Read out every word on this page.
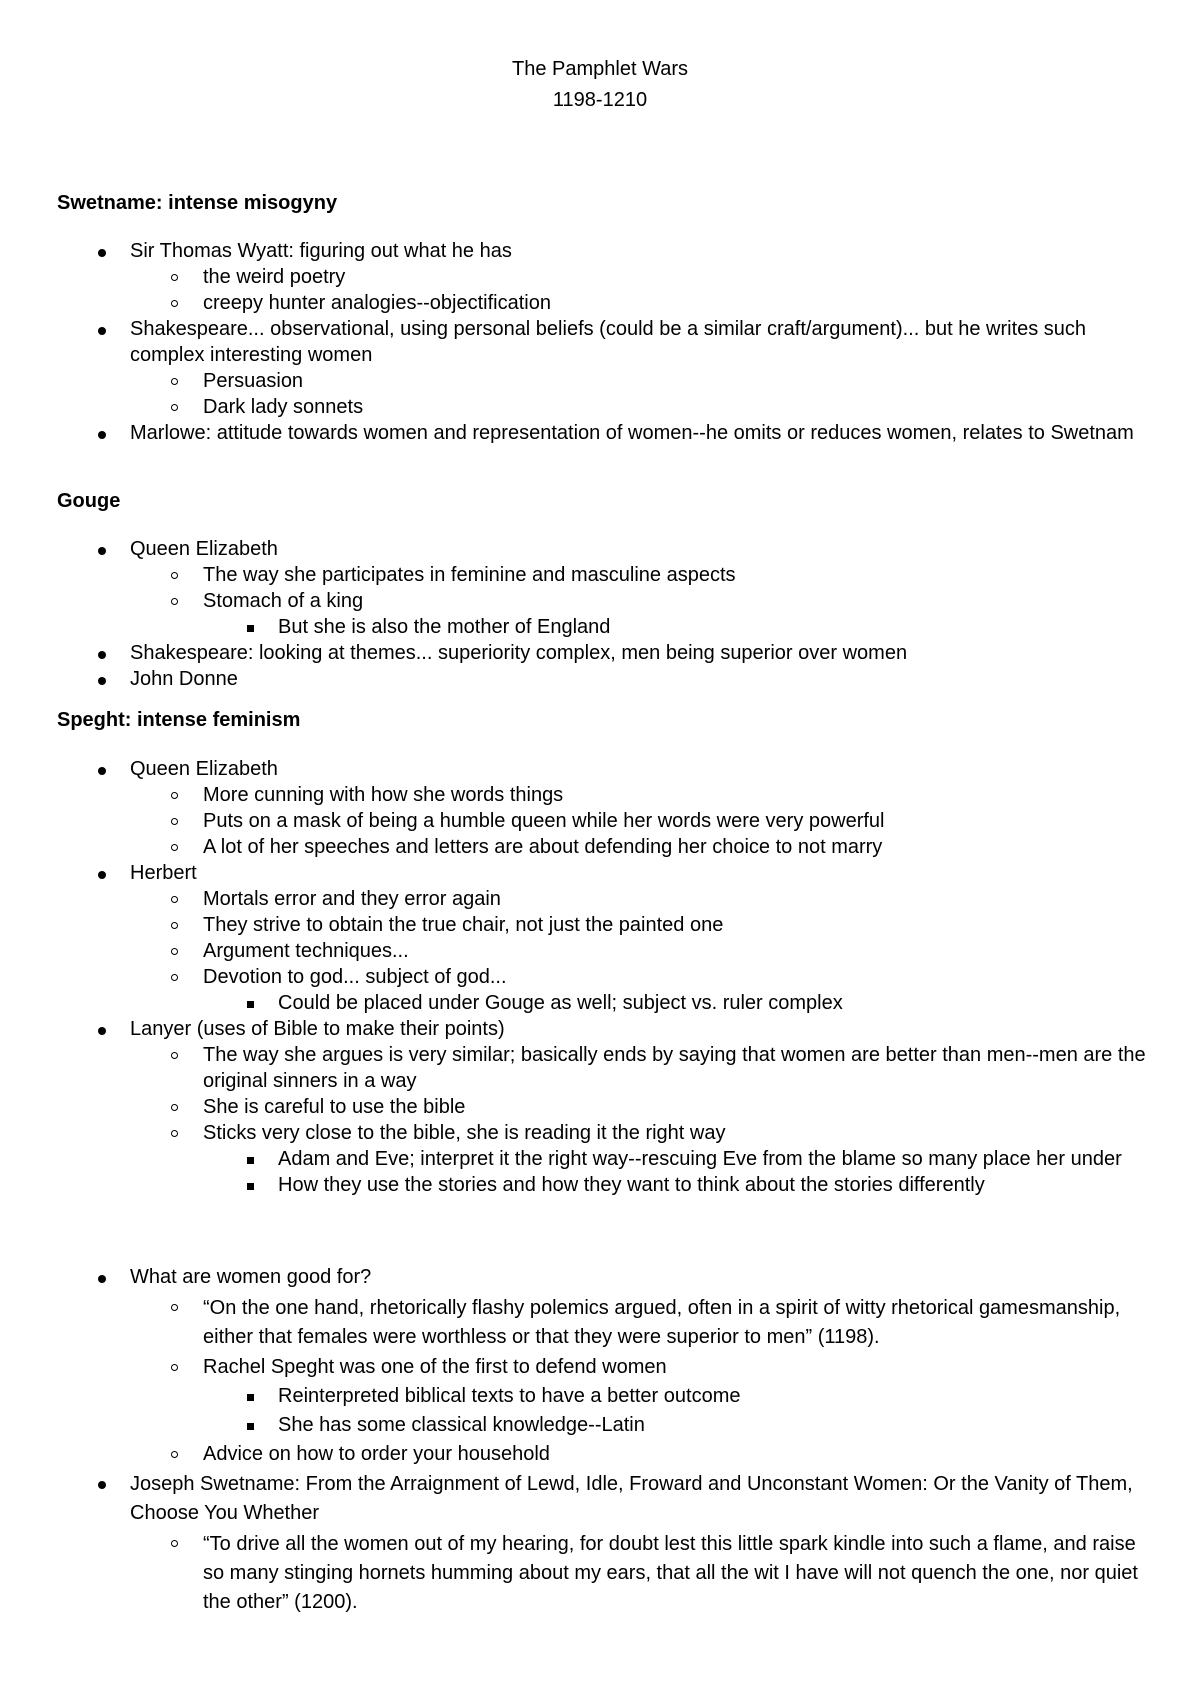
The Pamphlet Wars
1198-1210
Swetname: intense misogyny
Sir Thomas Wyatt: figuring out what he has
the weird poetry
creepy hunter analogies--objectification
Shakespeare... observational, using personal beliefs (could be a similar craft/argument)... but he writes such complex interesting women
Persuasion
Dark lady sonnets
Marlowe: attitude towards women and representation of women--he omits or reduces women, relates to Swetnam
Gouge
Queen Elizabeth
The way she participates in feminine and masculine aspects
Stomach of a king
But she is also the mother of England
Shakespeare: looking at themes... superiority complex, men being superior over women
John Donne
Speght: intense feminism
Queen Elizabeth
More cunning with how she words things
Puts on a mask of being a humble queen while her words were very powerful
A lot of her speeches and letters are about defending her choice to not marry
Herbert
Mortals error and they error again
They strive to obtain the true chair, not just the painted one
Argument techniques...
Devotion to god... subject of god...
Could be placed under Gouge as well; subject vs. ruler complex
Lanyer (uses of Bible to make their points)
The way she argues is very similar; basically ends by saying that women are better than men--men are the original sinners in a way
She is careful to use the bible
Sticks very close to the bible, she is reading it the right way
Adam and Eve; interpret it the right way--rescuing Eve from the blame so many place her under
How they use the stories and how they want to think about the stories differently
What are women good for?
“On the one hand, rhetorically flashy polemics argued, often in a spirit of witty rhetorical gamesmanship, either that females were worthless or that they were superior to men” (1198).
Rachel Speght was one of the first to defend women
Reinterpreted biblical texts to have a better outcome
She has some classical knowledge--Latin
Advice on how to order your household
Joseph Swetname: From the Arraignment of Lewd, Idle, Froward and Unconstant Women: Or the Vanity of Them, Choose You Whether
“To drive all the women out of my hearing, for doubt lest this little spark kindle into such a flame, and raise so many stinging hornets humming about my ears, that all the wit I have will not quench the one, nor quiet the other” (1200).
